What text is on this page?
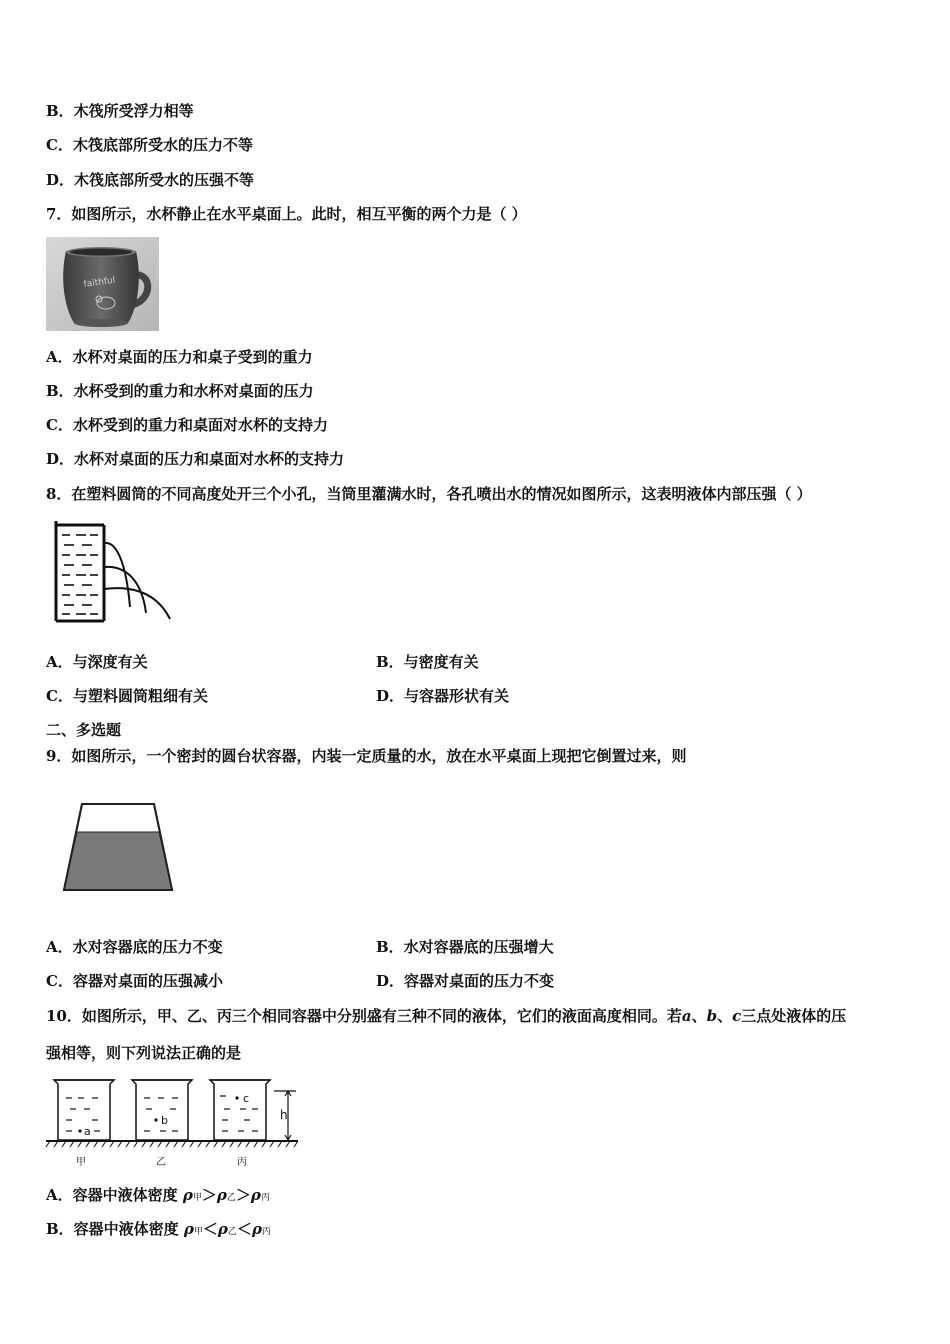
B．木筏所受浮力相等
C．木筏底部所受水的压力不等
D．木筏底部所受水的压强不等
7．如图所示，水杯静止在水平桌面上。此时，相互平衡的两个力是（ ）
faithful
A．水杯对桌面的压力和桌子受到的重力
B．水杯受到的重力和水杯对桌面的压力
C．水杯受到的重力和桌面对水杯的支持力
D．水杯对桌面的压力和桌面对水杯的支持力
8．在塑料圆筒的不同高度处开三个小孔，当筒里灌满水时，各孔喷出水的情况如图所示，这表明液体内部压强（ ）
A．与深度有关	B．与密度有关
C．与塑料圆筒粗细有关	D．与容器形状有关
二、多选题
9．如图所示，一个密封的圆台状容器，内装一定质量的水，放在水平桌面上现把它倒置过来，则
A．水对容器底的压力不变	B．水对容器底的压强增大
C．容器对桌面的压强减小	D．容器对桌面的压力不变
10．如图所示，甲、乙、丙三个相同容器中分别盛有三种不同的液体，它们的液面高度相同。若a、b、c三点处液体的压
强相等，则下列说法正确的是
a
b
c
h
甲	乙	丙
A．容器中液体密度 ρ甲＞ρ乙＞ρ丙
B．容器中液体密度 ρ甲＜ρ乙＜ρ丙
